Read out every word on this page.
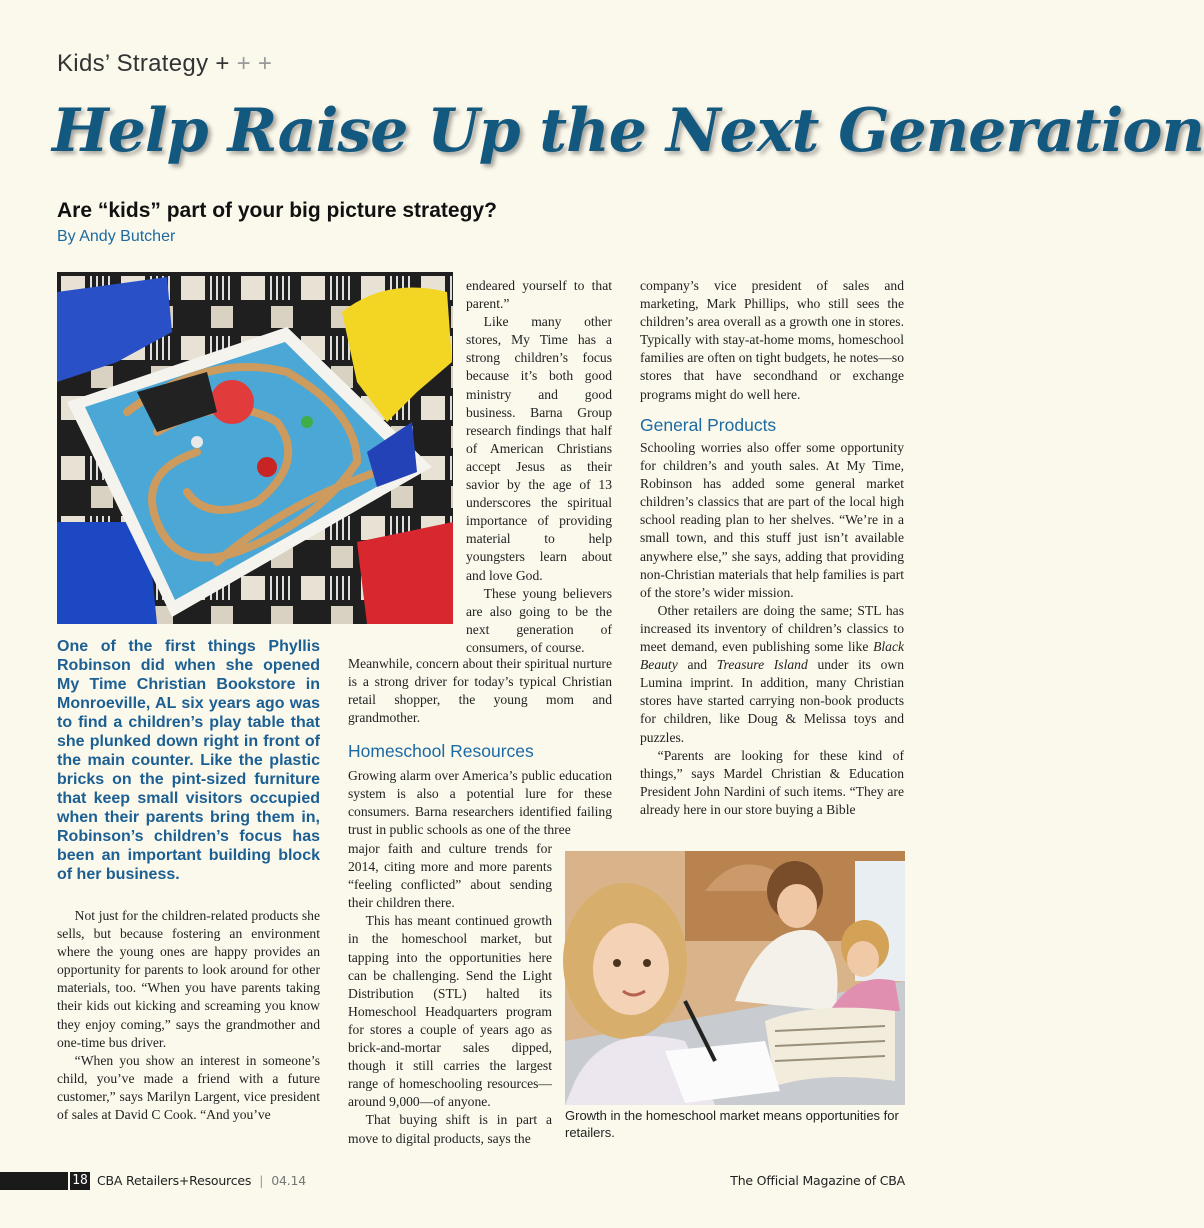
Kids’ Strategy + + +
Help Raise Up the Next Generation
Are “kids” part of your big picture strategy?
By Andy Butcher
One of the first things Phyllis Robinson did when she opened My Time Christian Bookstore in Monroeville, AL six years ago was to find a children’s play table that she plunked down right in front of the main counter. Like the plastic bricks on the pint-sized furniture that keep small visitors occupied when their parents bring them in, Robinson’s children’s focus has been an important building block of her business.

Not just for the children-related products she sells, but because fostering an environment where the young ones are happy provides an opportunity for parents to look around for other materials, too. “When you have parents taking their kids out kicking and screaming you know they enjoy coming,” says the grandmother and one-time bus driver.

“When you show an interest in someone’s child, you’ve made a friend with a future customer,” says Marilyn Largent, vice president of sales at David C Cook. “And you’ve

endeared yourself to that parent.”

Like many other stores, My Time has a strong children’s focus because it’s both good ministry and good business. Barna Group research findings that half of American Christians accept Jesus as their savior by the age of 13 underscores the spiritual importance of providing material to help youngsters learn about and love God.

These young believers are also going to be the next generation of consumers, of course.

Meanwhile, concern about their spiritual nurture is a strong driver for today’s typical Christian retail shopper, the young mom and grandmother.

Homeschool Resources

Growing alarm over America’s public education system is also a potential lure for these consumers. Barna researchers identified failing trust in public schools as one of the three

major faith and culture trends for 2014, citing more and more parents “feeling conflicted” about sending their children there.

This has meant continued growth in the homeschool market, but tapping into the opportunities here can be challenging. Send the Light Distribution (STL) halted its Homeschool Headquarters program for stores a couple of years ago as brick-and-mortar sales dipped, though it still carries the largest range of homeschooling resources—around 9,000—of anyone.

That buying shift is in part a move to digital products, says the

company’s vice president of sales and marketing, Mark Phillips, who still sees the children’s area overall as a growth one in stores. Typically with stay-at-home moms, homeschool families are often on tight budgets, he notes—so stores that have secondhand or exchange programs might do well here.

General Products

Schooling worries also offer some opportunity for children’s and youth sales. At My Time, Robinson has added some general market children’s classics that are part of the local high school reading plan to her shelves. “We’re in a small town, and this stuff just isn’t available anywhere else,” she says, adding that providing non-Christian materials that help families is part of the store’s wider mission.

Other retailers are doing the same; STL has increased its inventory of children’s classics to meet demand, even publishing some like Black Beauty and Treasure Island under its own Lumina imprint. In addition, many Christian stores have started carrying non-book products for children, like Doug & Melissa toys and puzzles.

“Parents are looking for these kind of things,” says Mardel Christian & Education President John Nardini of such items. “They are already here in our store buying a Bible

Growth in the homeschool market means opportunities for retailers.
18 CBA Retailers+Resources | 04.14	The Official Magazine of CBA
